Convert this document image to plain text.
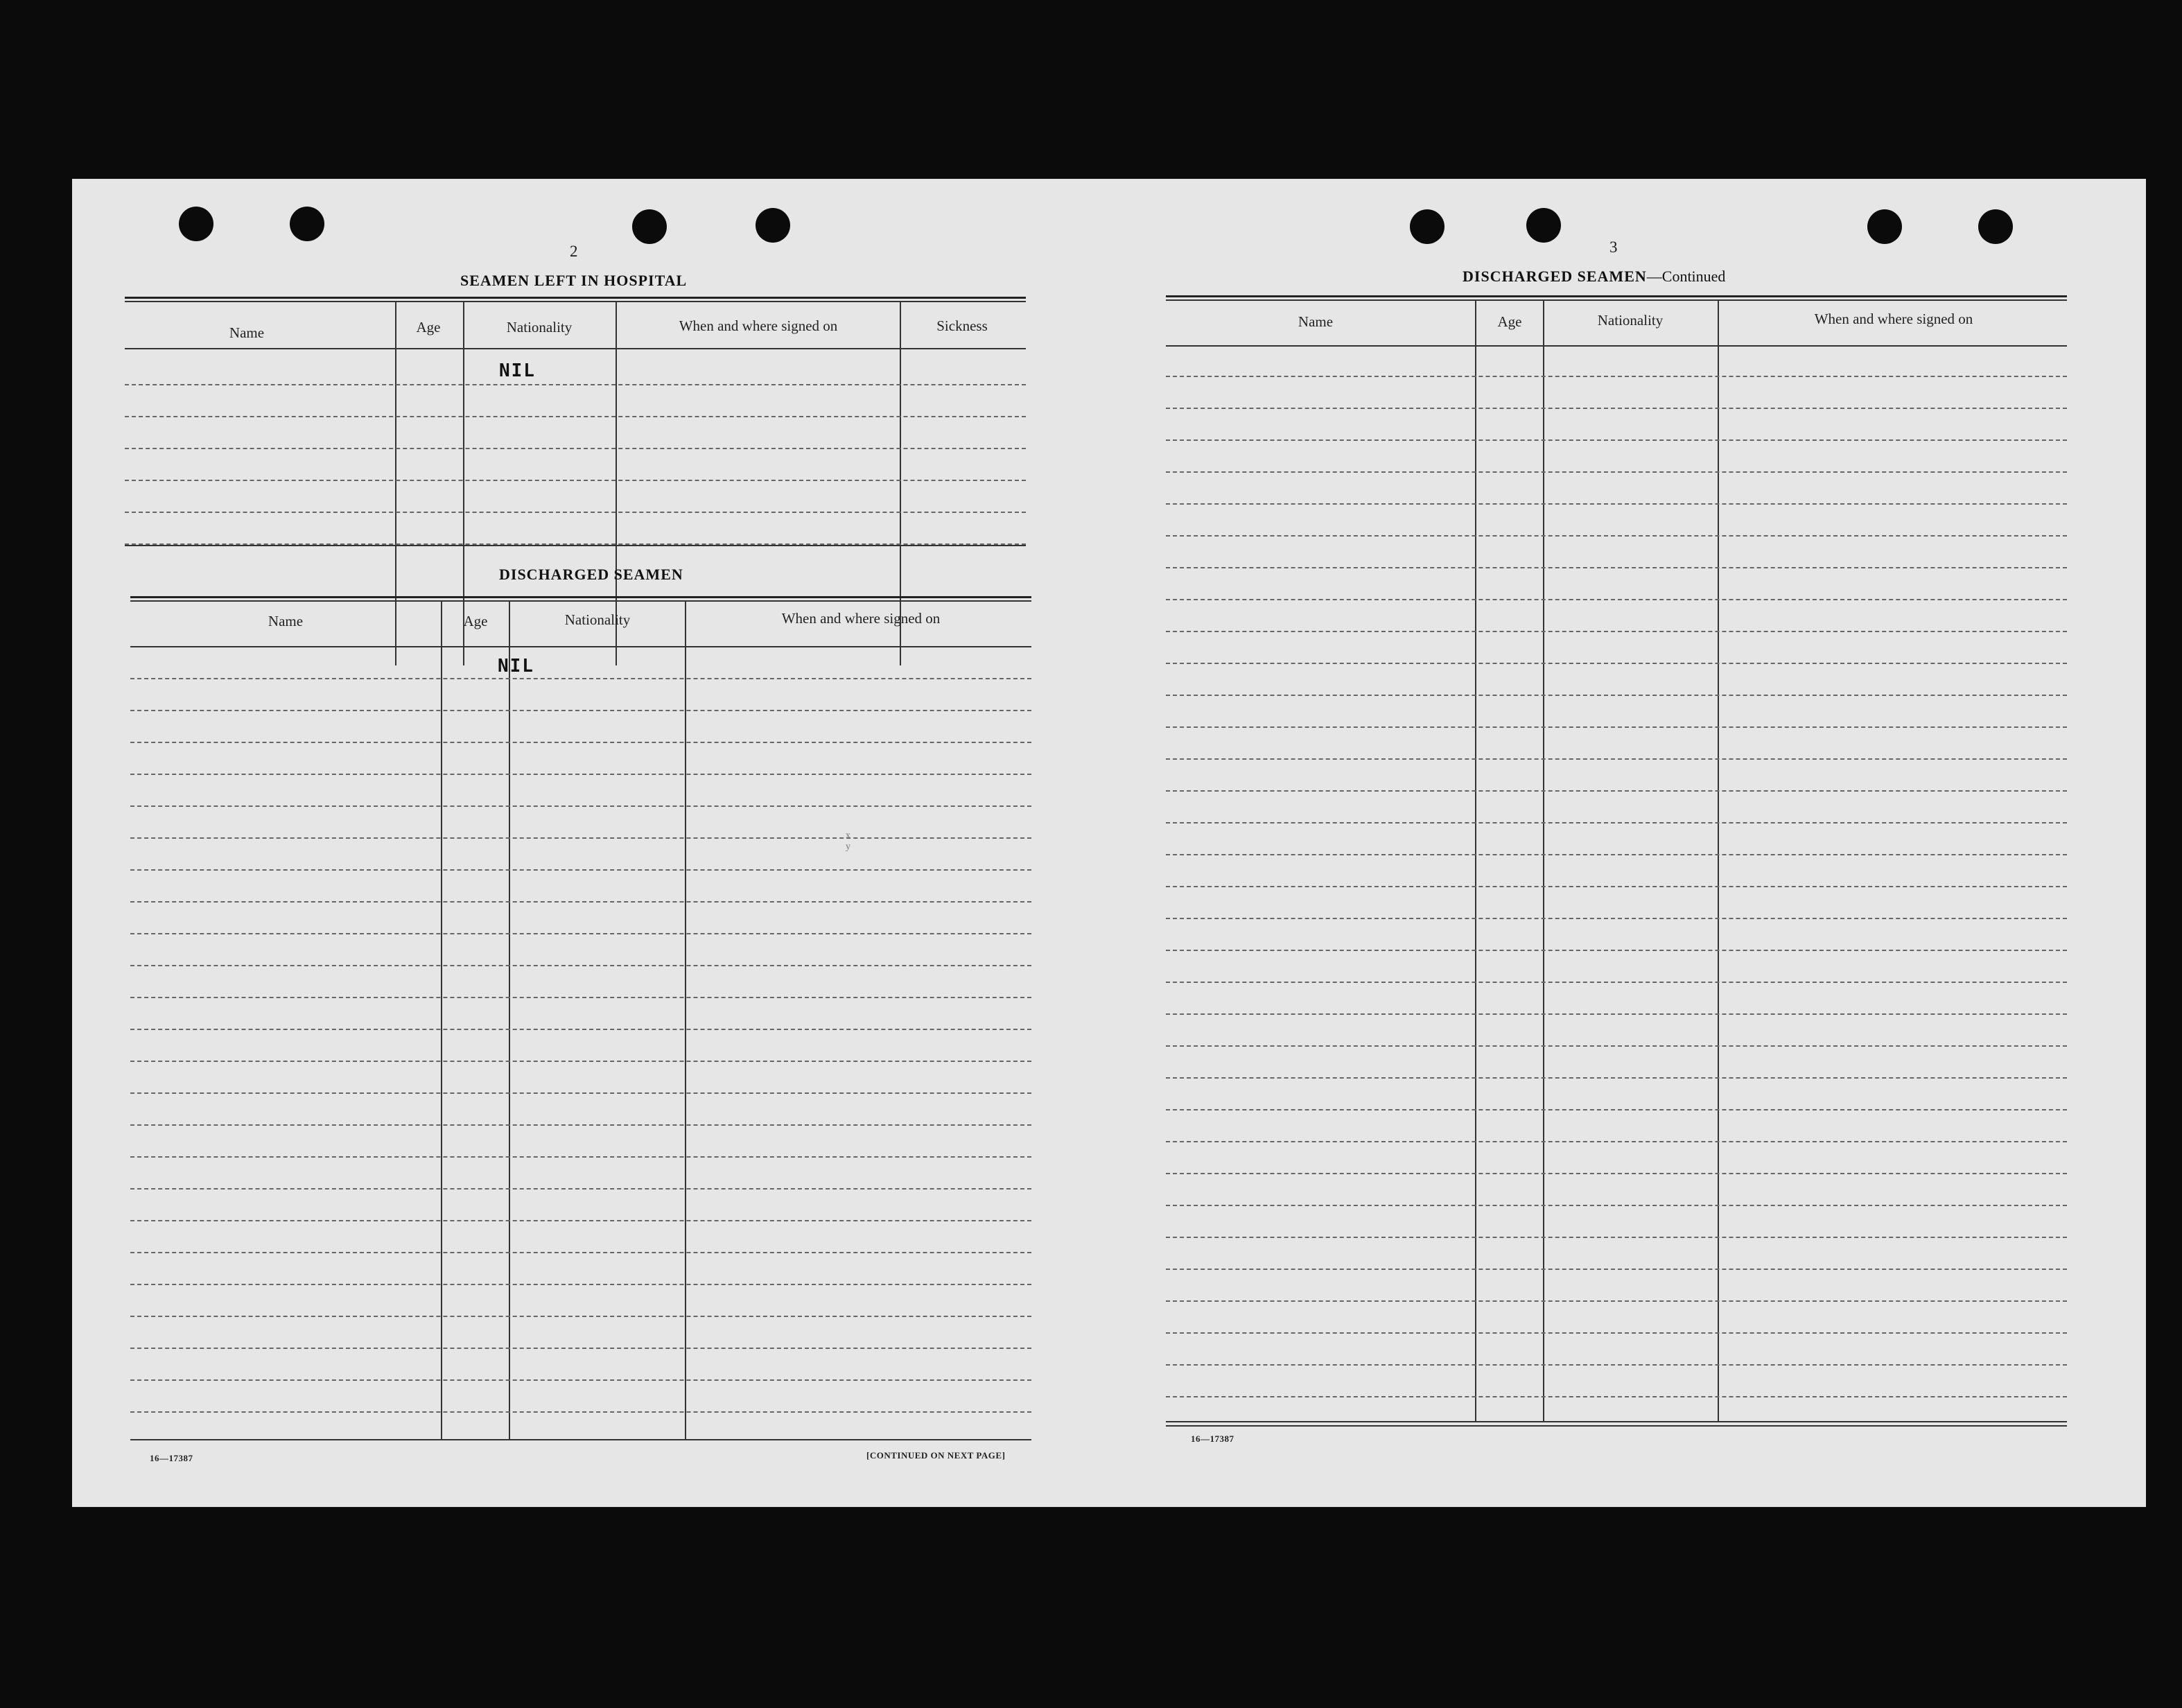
2
SEAMEN LEFT IN HOSPITAL
Name	Age	Nationality	When and where signed on	Sickness
NIL
DISCHARGED SEAMEN
Name	Age	Nationality	When and where signed on
NIL
x y
16—17387	[CONTINUED ON NEXT PAGE]
3
DISCHARGED SEAMEN—Continued
Name	Age	Nationality	When and where signed on
16—17387
